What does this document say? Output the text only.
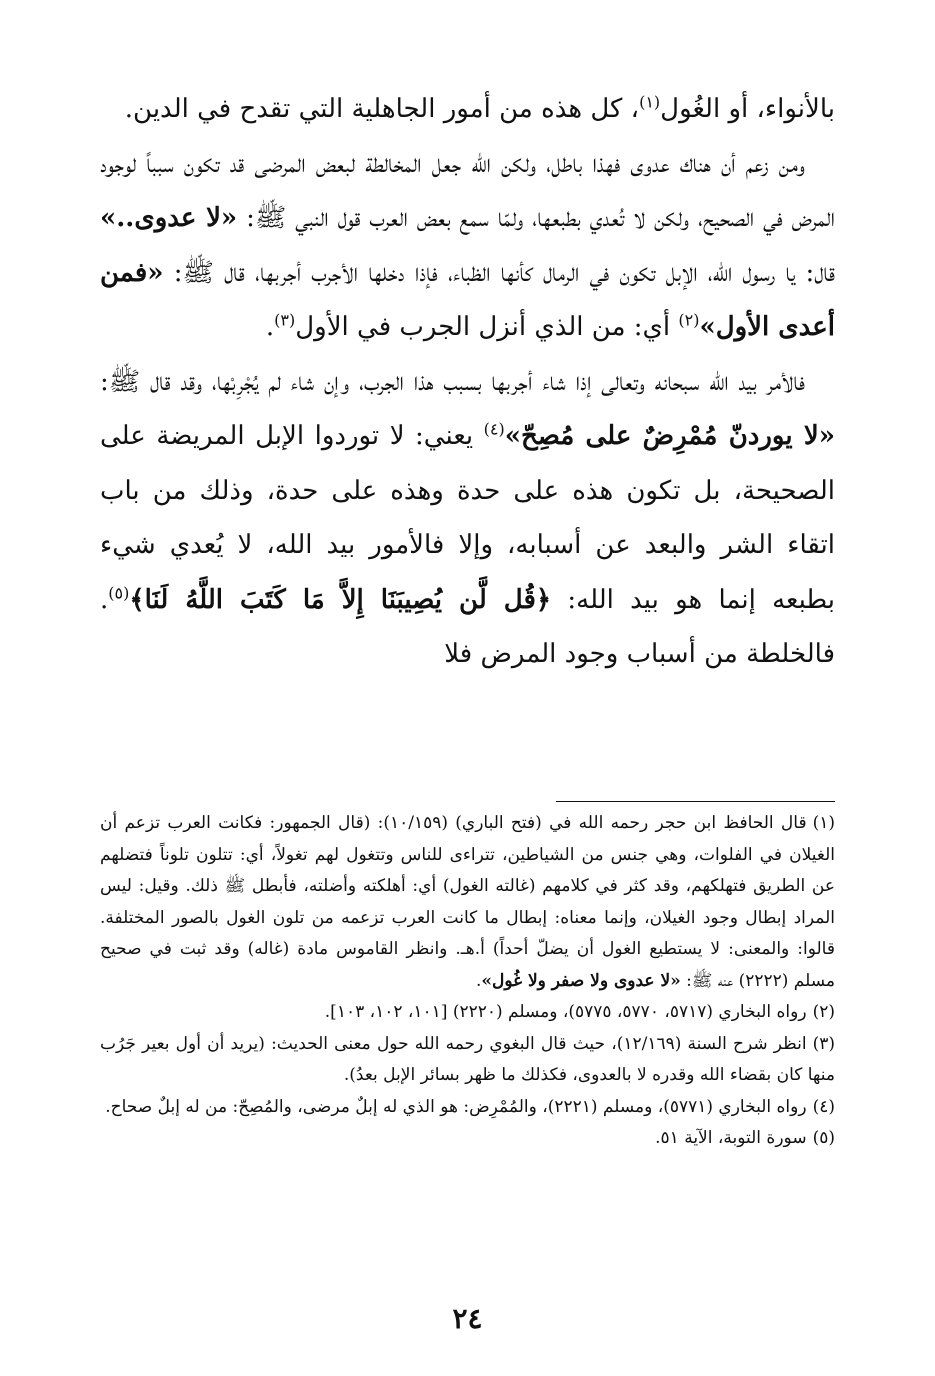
بالأنواء، أو الغُول$^{(١)}$، كل هذه من أمور الجاهلية التي تقدح في الدين.

ومن زعم أن هناك عدوى فهذا باطل، ولكن الله جعل المخالطة لبعض المرضى قد تكون سبباً لوجود المرض في الصحيح، ولكن لا تُعدي بطبعها، ولمّا سمع بعض العرب قول النبي ﷺ: «لا عدوى..» قال: يا رسول الله، الإبل تكون في الرمال كأنها الظباء، فإذا دخلها الأجرب أجربها، قال ﷺ: «فمن أعدى الأول»$^{(٢)}$ أي: من الذي أنزل الجرب في الأول$^{(٣)}$.

فالأمر بيد الله سبحانه وتعالى إذا شاء أجربها بسبب هذا الجرب، وإن شاء لم يُجْرِبْها، وقد قال ﷺ: «لا يوردنّ مُمْرِضٌ على مُصِحّ»$^{(٤)}$ يعني: لا توردوا الإبل المريضة على الصحيحة، بل تكون هذه على حدة وهذه على حدة، وذلك من باب اتقاء الشر والبعد عن أسبابه، وإلا فالأمور بيد الله، لا يُعدي شيء بطبعه إنما هو بيد الله: ﴿قُل لَّن يُصِيبَنَا إِلاَّ مَا كَتَبَ اللَّهُ لَنَا﴾$^{(٥)}$. فالخلطة من أسباب وجود المرض فلا

(١)قال الحافظ ابن حجر رحمه الله في (فتح الباري) (١٠/١٥٩): (قال الجمهور: فكانت العرب تزعم أن الغيلان في الفلوات، وهي جنس من الشياطين، تتراءى للناس وتتغول لهم تغولاً، أي: تتلون تلوناً فتضلهم عن الطريق فتهلكهم، وقد كثر في كلامهم (غالته الغول) أي: أهلكته وأضلته، فأبطل ﷺ ذلك. وقيل: ليس المراد إبطال وجود الغيلان، وإنما معناه: إبطال ما كانت العرب تزعمه من تلون الغول بالصور المختلفة. قالوا: والمعنى: لا يستطيع الغول أن يضلّ أحداً) أ.هـ. وانظر القاموس مادة (غاله) وقد ثبت في صحيح مسلم (٢٢٢٢) عنه ﷺ: «لا عدوى ولا صفر ولا غُول».

(٢)رواه البخاري (٥٧١٧، ٥٧٧٠، ٥٧٧٥)، ومسلم (٢٢٢٠) [١٠١، ١٠٢، ١٠٣].

(٣)انظر شرح السنة (١٢/١٦٩)، حيث قال البغوي رحمه الله حول معنى الحديث: (يريد أن أول بعير جَرُب منها كان بقضاء الله وقدره لا بالعدوى، فكذلك ما ظهر بسائر الإبل بعدُ).

(٤)رواه البخاري (٥٧٧١)، ومسلم (٢٢٢١)، والمُمْرِض: هو الذي له إبلٌ مرضى، والمُصِحّ: من له إبلٌ صحاح.

(٥)سورة التوبة، الآية ٥١.

٢٤
